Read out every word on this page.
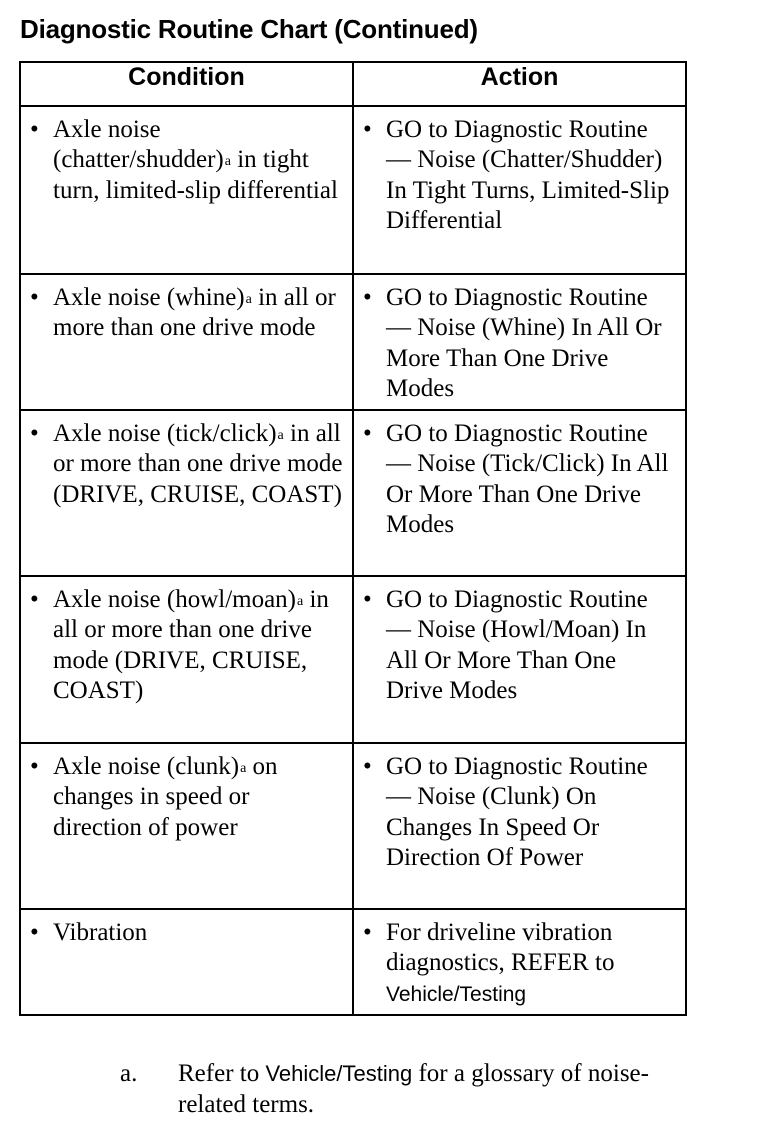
Diagnostic Routine Chart (Continued)
Condition	Action

• Axle noise (chatter/shudder)$^a$ in tight turn, limited-slip differential	• GO to Diagnostic Routine — Noise (Chatter/Shudder) In Tight Turns, Limited-Slip Differential

• Axle noise (whine)$^a$ in all or more than one drive mode	• GO to Diagnostic Routine — Noise (Whine) In All Or More Than One Drive Modes

• Axle noise (tick/click)$^a$ in all or more than one drive mode (DRIVE, CRUISE, COAST)	• GO to Diagnostic Routine — Noise (Tick/Click) In All Or More Than One Drive Modes

• Axle noise (howl/moan)$^a$ in all or more than one drive mode (DRIVE, CRUISE, COAST)	• GO to Diagnostic Routine — Noise (Howl/Moan) In All Or More Than One Drive Modes

• Axle noise (clunk)$^a$ on changes in speed or direction of power	• GO to Diagnostic Routine — Noise (Clunk) On Changes In Speed Or Direction Of Power

• Vibration	• For driveline vibration diagnostics, REFER to Vehicle/Testing
a. Refer to Vehicle/Testing for a glossary of noise-related terms.
